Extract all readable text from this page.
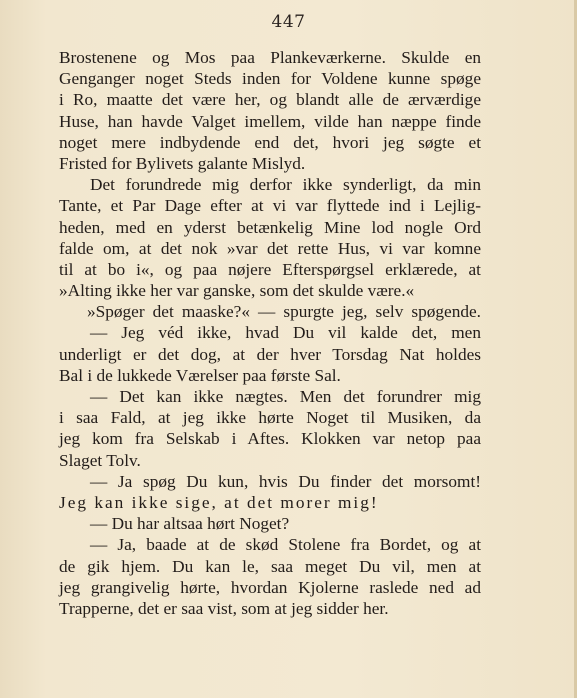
447
Brostenene og Mos paa Plankeværkerne. Skulde en
Genganger noget Steds inden for Voldene kunne spøge
i Ro, maatte det være her, og blandt alle de ærværdige
Huse, han havde Valget imellem, vilde han næppe finde
noget mere indbydende end det, hvori jeg søgte et
Fristed for Bylivets galante Mislyd.
Det forundrede mig derfor ikke synderligt, da min
Tante, et Par Dage efter at vi var flyttede ind i Lejlig-
heden, med en yderst betænkelig Mine lod nogle Ord
falde om, at det nok »var det rette Hus, vi var komne
til at bo i«, og paa nøjere Efterspørgsel erklærede, at
»Alting ikke her var ganske, som det skulde være.«
»Spøger det maaske?« — spurgte jeg, selv spøgende.
— Jeg véd ikke, hvad Du vil kalde det, men
underligt er det dog, at der hver Torsdag Nat holdes
Bal i de lukkede Værelser paa første Sal.
— Det kan ikke nægtes. Men det forundrer mig
i saa Fald, at jeg ikke hørte Noget til Musiken, da
jeg kom fra Selskab i Aftes. Klokken var netop paa
Slaget Tolv.
— Ja spøg Du kun, hvis Du finder det morsomt!
Jeg kan ikke sige, at det morer mig!
— Du har altsaa hørt Noget?
— Ja, baade at de skød Stolene fra Bordet, og at
de gik hjem. Du kan le, saa meget Du vil, men at
jeg grangivelig hørte, hvordan Kjolerne raslede ned ad
Trapperne, det er saa vist, som at jeg sidder her.
